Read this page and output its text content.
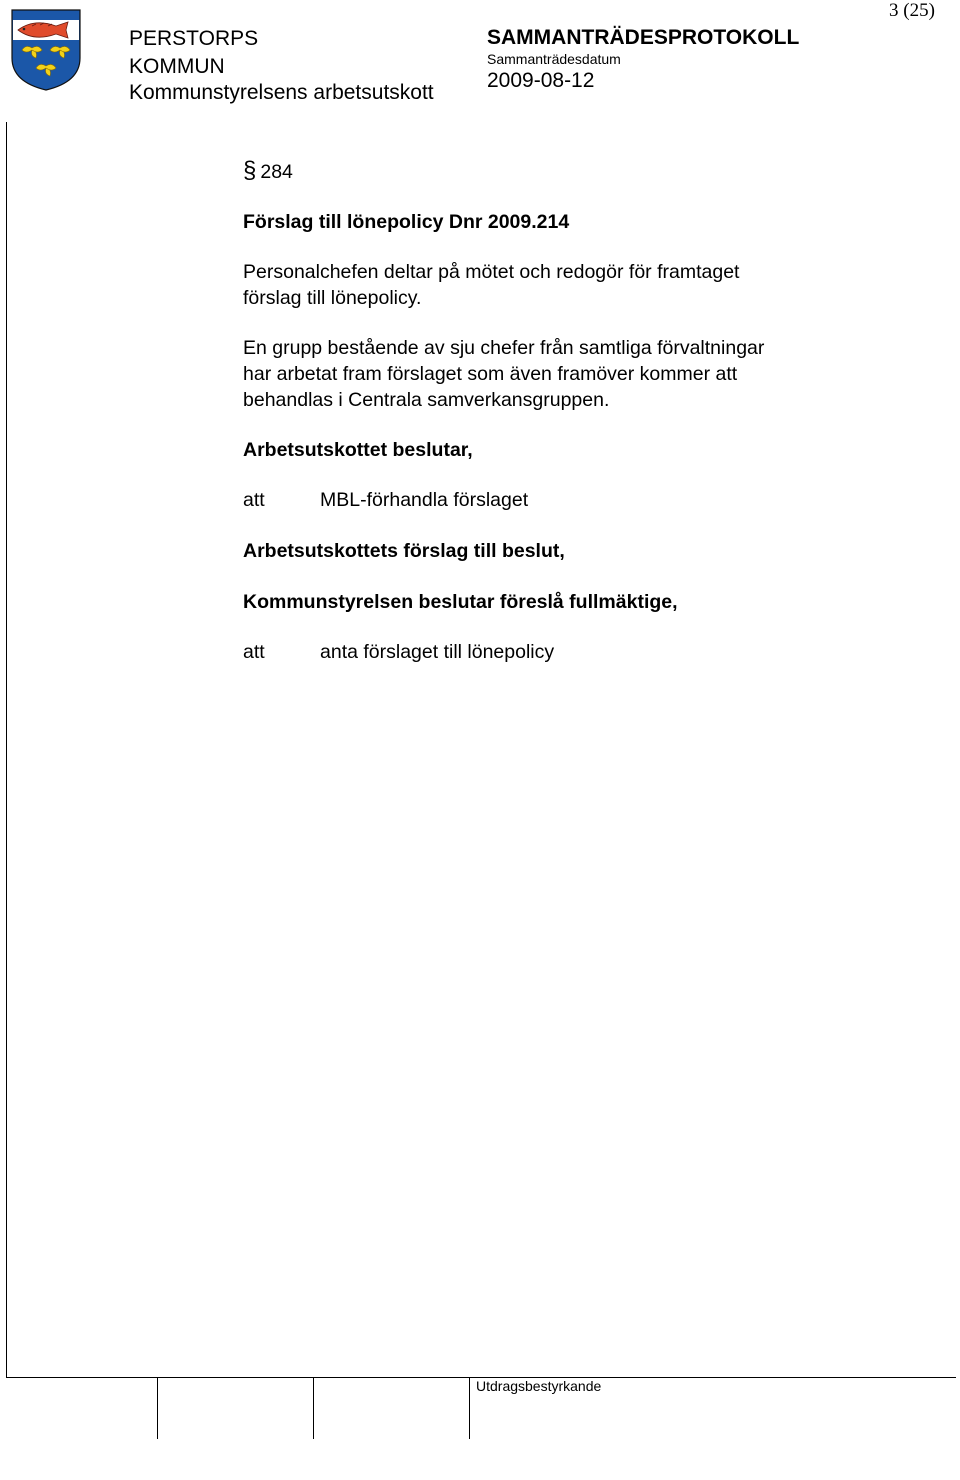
PERSTORPS
KOMMUN
Kommunstyrelsens arbetsutskott
SAMMANTRÄDESPROTOKOLL
Sammanträdesdatum
2009-08-12
3 (25)
§ 284
Förslag till lönepolicy Dnr 2009.214
Personalchefen deltar på mötet och redogör för framtaget
förslag till lönepolicy.
En grupp bestående av sju chefer från samtliga förvaltningar
har arbetat fram förslaget som även framöver kommer att
behandlas i Centrala samverkansgruppen.
Arbetsutskottet beslutar,
att	MBL-förhandla förslaget
Arbetsutskottets förslag till beslut,
Kommunstyrelsen beslutar föreslå fullmäktige,
att	anta förslaget till lönepolicy
Utdragsbestyrkande
